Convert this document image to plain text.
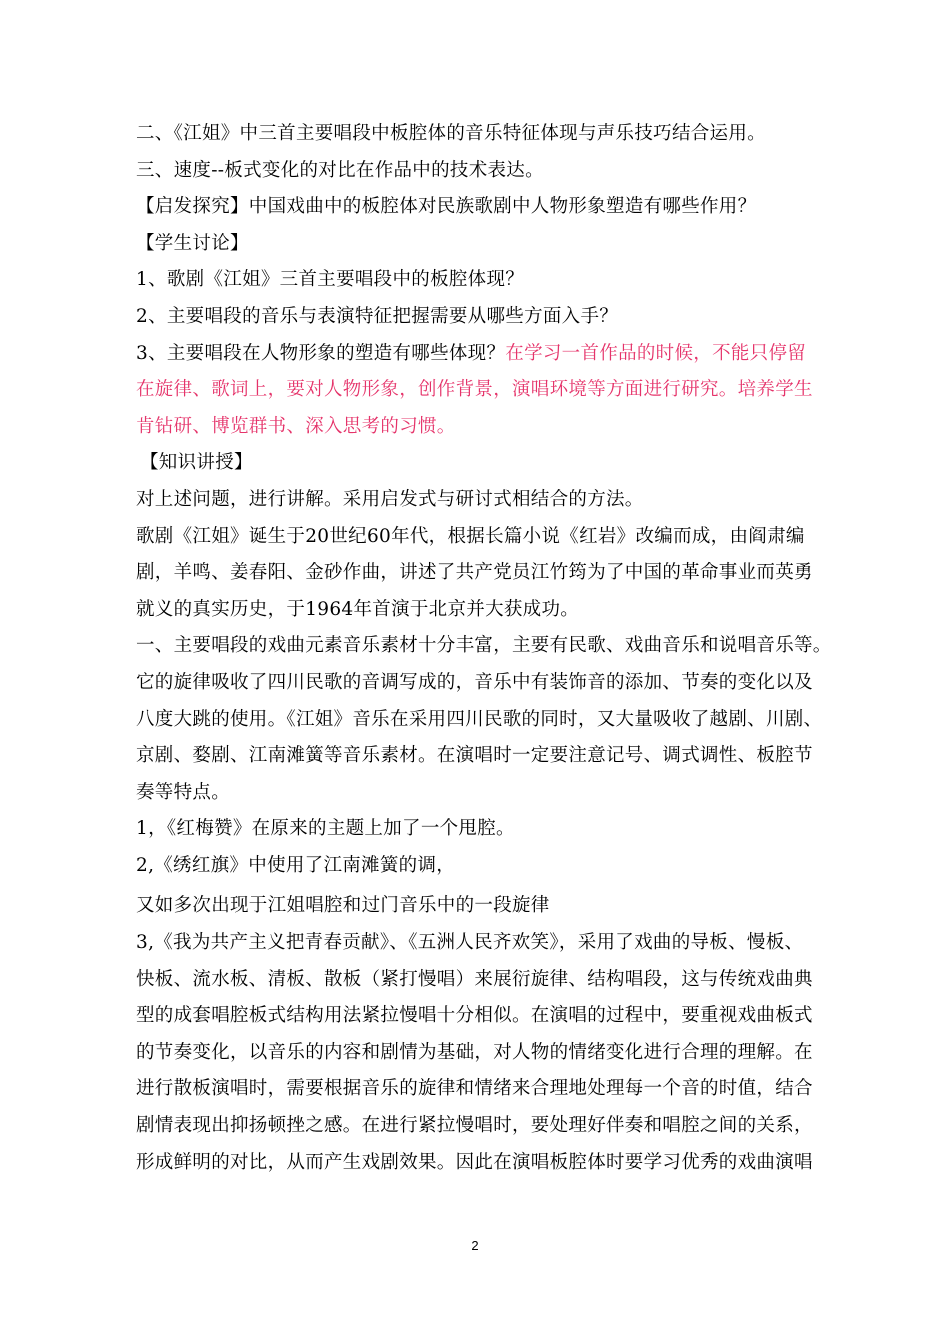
二、《江姐》中三首主要唱段中板腔体的音乐特征体现与声乐技巧结合运用。
三、速度--板式变化的对比在作品中的技术表达。
【启发探究】中国戏曲中的板腔体对民族歌剧中人物形象塑造有哪些作用？
【学生讨论】
1、歌剧《江姐》三首主要唱段中的板腔体现？
2、主要唱段的音乐与表演特征把握需要从哪些方面入手？
3、主要唱段在人物形象的塑造有哪些体现？在学习一首作品的时候，不能只停留
在旋律、歌词上，要对人物形象，创作背景，演唱环境等方面进行研究。培养学生
肯钻研、博览群书、深入思考的习惯。
【知识讲授】
对上述问题，进行讲解。采用启发式与研讨式相结合的方法。
歌剧《江姐》诞生于20世纪60年代，根据长篇小说《红岩》改编而成，由阎肃编
剧，羊鸣、姜春阳、金砂作曲，讲述了共产党员江竹筠为了中国的革命事业而英勇
就义的真实历史，于1964年首演于北京并大获成功。
一、主要唱段的戏曲元素音乐素材十分丰富，主要有民歌、戏曲音乐和说唱音乐等。
它的旋律吸收了四川民歌的音调写成的，音乐中有装饰音的添加、节奏的变化以及
八度大跳的使用。《江姐》音乐在采用四川民歌的同时，又大量吸收了越剧、川剧、
京剧、婺剧、江南滩簧等音乐素材。在演唱时一定要注意记号、调式调性、板腔节
奏等特点。
1，《红梅赞》在原来的主题上加了一个甩腔。
2,《绣红旗》中使用了江南滩簧的调，
又如多次出现于江姐唱腔和过门音乐中的一段旋律
3,《我为共产主义把青春贡献》、《五洲人民齐欢笑》，采用了戏曲的导板、慢板、
快板、流水板、清板、散板（紧打慢唱）来展衍旋律、结构唱段，这与传统戏曲典
型的成套唱腔板式结构用法紧拉慢唱十分相似。在演唱的过程中，要重视戏曲板式
的节奏变化，以音乐的内容和剧情为基础，对人物的情绪变化进行合理的理解。在
进行散板演唱时，需要根据音乐的旋律和情绪来合理地处理每一个音的时值，结合
剧情表现出抑扬顿挫之感。在进行紧拉慢唱时，要处理好伴奏和唱腔之间的关系，
形成鲜明的对比，从而产生戏剧效果。因此在演唱板腔体时要学习优秀的戏曲演唱
2
